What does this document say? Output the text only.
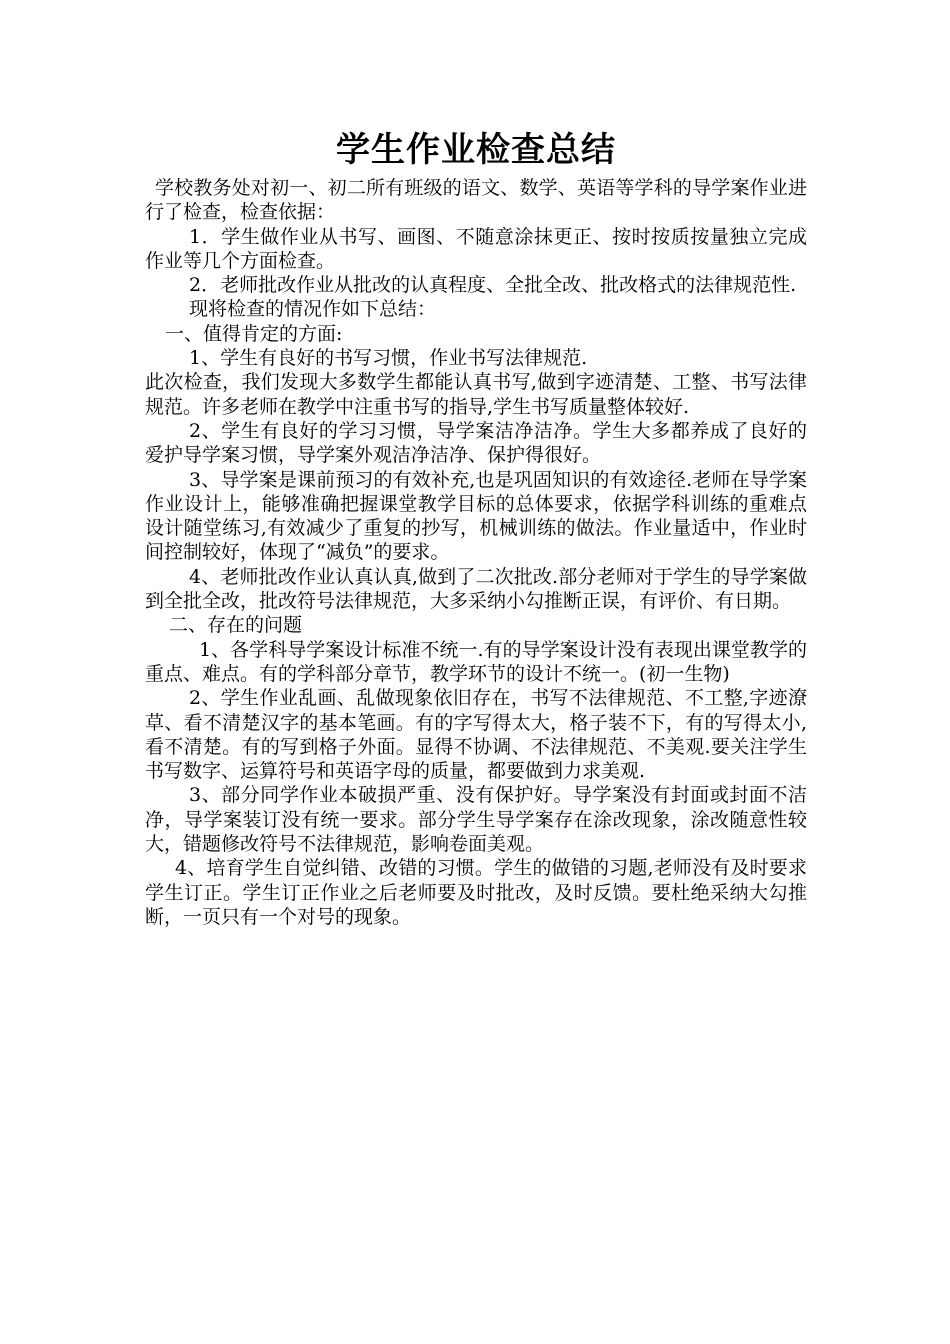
学生作业检查总结

学校教务处对初一、初二所有班级的语文、数学、英语等学科的导学案作业进行了检查，检查依据：

1．学生做作业从书写、画图、不随意涂抹更正、按时按质按量独立完成作业等几个方面检查。

2．老师批改作业从批改的认真程度、全批全改、批改格式的法律规范性.

现将检查的情况作如下总结：

一、值得肯定的方面:

1、学生有良好的书写习惯，作业书写法律规范.

此次检查，我们发现大多数学生都能认真书写,做到字迹清楚、工整、书写法律规范。许多老师在教学中注重书写的指导,学生书写质量整体较好.

2、学生有良好的学习习惯，导学案洁净洁净。学生大多都养成了良好的爱护导学案习惯，导学案外观洁净洁净、保护得很好。

3、导学案是课前预习的有效补充,也是巩固知识的有效途径.老师在导学案作业设计上，能够准确把握课堂教学目标的总体要求，依据学科训练的重难点设计随堂练习,有效减少了重复的抄写，机械训练的做法。作业量适中，作业时间控制较好，体现了“减负”的要求。

4、老师批改作业认真认真,做到了二次批改.部分老师对于学生的导学案做到全批全改，批改符号法律规范，大多采纳小勾推断正误，有评价、有日期。

二、存在的问题

1、各学科导学案设计标准不统一.有的导学案设计没有表现出课堂教学的重点、难点。有的学科部分章节，教学环节的设计不统一。(初一生物)

2、学生作业乱画、乱做现象依旧存在，书写不法律规范、不工整,字迹潦草、看不清楚汉字的基本笔画。有的字写得太大，格子装不下，有的写得太小,看不清楚。有的写到格子外面。显得不协调、不法律规范、不美观.要关注学生书写数字、运算符号和英语字母的质量，都要做到力求美观.

3、部分同学作业本破损严重、没有保护好。导学案没有封面或封面不洁净，导学案装订没有统一要求。部分学生导学案存在涂改现象，涂改随意性较大，错题修改符号不法律规范，影响卷面美观。

4、培育学生自觉纠错、改错的习惯。学生的做错的习题,老师没有及时要求学生订正。学生订正作业之后老师要及时批改，及时反馈。要杜绝采纳大勾推断，一页只有一个对号的现象。
